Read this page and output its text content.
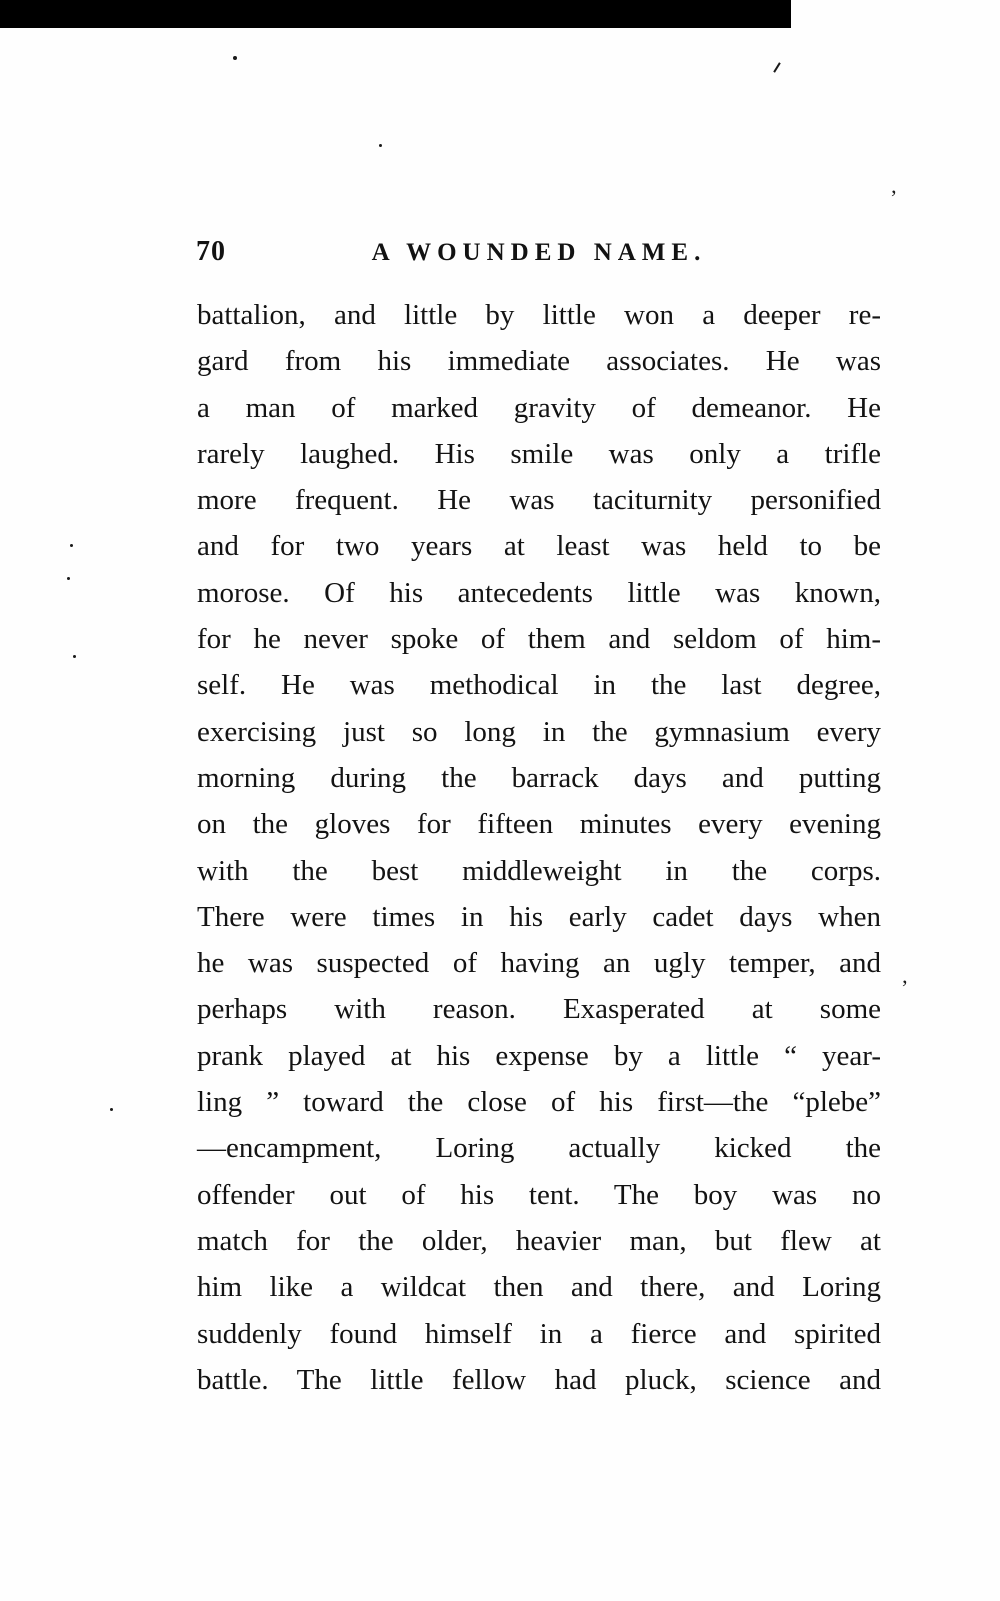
’
’
70	A WOUNDED NAME.
battalion, and little by little won a deeper re-
gard from his immediate associates. He was
a man of marked gravity of demeanor. He
rarely laughed. His smile was only a trifle
more frequent. He was taciturnity personified
and for two years at least was held to be
morose. Of his antecedents little was known,
for he never spoke of them and seldom of him-
self. He was methodical in the last degree,
exercising just so long in the gymnasium every
morning during the barrack days and putting
on the gloves for fifteen minutes every evening
with the best middleweight in the corps.
There were times in his early cadet days when
he was suspected of having an ugly temper, and
perhaps with reason. Exasperated at some
prank played at his expense by a little “ year-
ling ” toward the close of his first—the “plebe”
—encampment, Loring actually kicked the
offender out of his tent. The boy was no
match for the older, heavier man, but flew at
him like a wildcat then and there, and Loring
suddenly found himself in a fierce and spirited
battle. The little fellow had pluck, science and
